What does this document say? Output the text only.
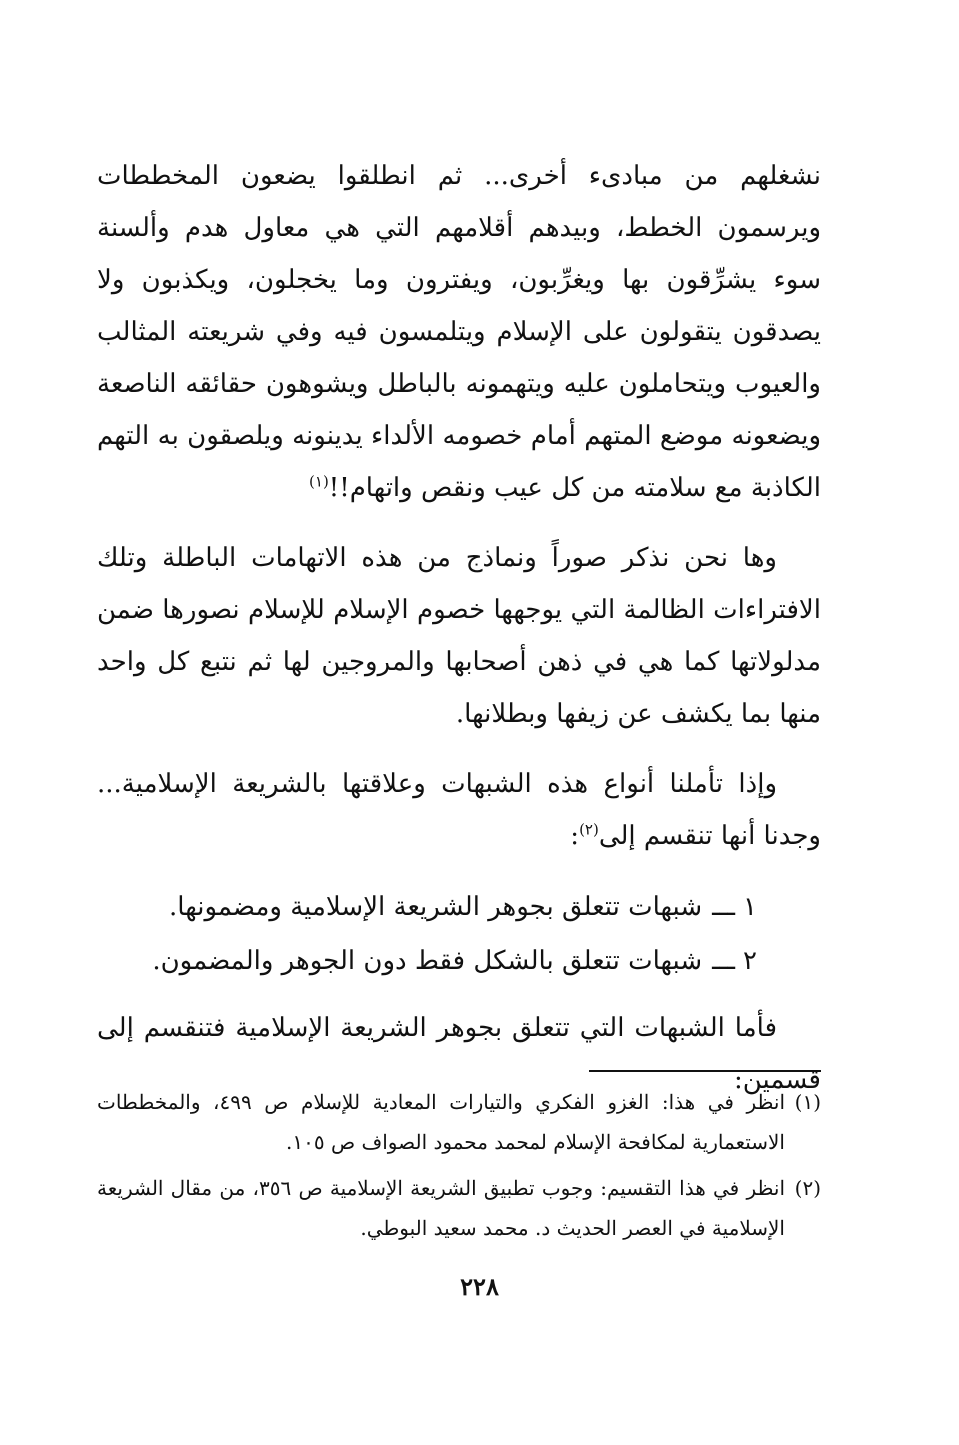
نشغلهم من مبادىء أخرى... ثم انطلقوا يضعون المخططات ويرسمون الخطط، وبيدهم أقلامهم التي هي معاول هدم وألسنة سوء يشرِّقون بها ويغرِّبون، ويفترون وما يخجلون، ويكذبون ولا يصدقون يتقولون على الإسلام ويتلمسون فيه وفي شريعته المثالب والعيوب ويتحاملون عليه ويتهمونه بالباطل ويشوهون حقائقه الناصعة ويضعونه موضع المتهم أمام خصومه الألداء يدينونه ويلصقون به التهم الكاذبة مع سلامته من كل عيب ونقص واتهام!!$^{(١)}$

وها نحن نذكر صوراً ونماذج من هذه الاتهامات الباطلة وتلك الافتراءات الظالمة التي يوجهها خصوم الإسلام للإسلام نصورها ضمن مدلولاتها كما هي في ذهن أصحابها والمروجين لها ثم نتبع كل واحد منها بما يكشف عن زيفها وبطلانها.

وإذا تأملنا أنواع هذه الشبهات وعلاقتها بالشريعة الإسلامية... وجدنا أنها تنقسم إلى$^{(٢)}$:

١ـــشبهات تتعلق بجوهر الشريعة الإسلامية ومضمونها.

٢ـــشبهات تتعلق بالشكل فقط دون الجوهر والمضمون.

فأما الشبهات التي تتعلق بجوهر الشريعة الإسلامية فتنقسم إلى قسمين:

(١)انظر في هذا: الغزو الفكري والتيارات المعادية للإسلام ص ٤٩٩، والمخططات الاستعمارية لمكافحة الإسلام لمحمد محمود الصواف ص ١٠٥.

(٢)انظر في هذا التقسيم: وجوب تطبيق الشريعة الإسلامية ص ٣٥٦، من مقال الشريعة الإسلامية في العصر الحديث د. محمد سعيد البوطي.

٢٢٨
